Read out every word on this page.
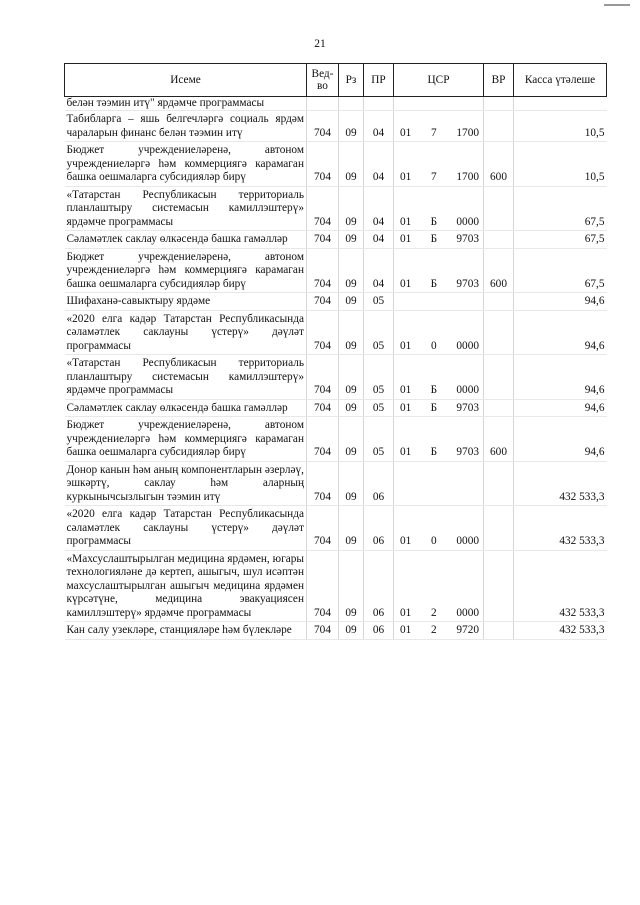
21
Исеме	Вед-во	Рз	ПР	ЦСР	ВР	Касса үтәлеше
белән тәэмин итү" ярдәмче программасы						
Табибларга – яшь белгечләргә социаль ярдәм чараларын финанс белән тәэмин итү	704	09	04	01 7 1700		10,5
Бюджет учреждениеләренә, автоном учреждениеләргә һәм коммерциягә карамаган башка оешмаларга субсидияләр бирү	704	09	04	01 7 1700	600	10,5
«Татарстан Республикасын территориаль планлаштыру системасын камиллэштерү» ярдәмче программасы	704	09	04	01 Б 0000		67,5
Сәламәтлек саклау өлкәсендә башка гамәлләр	704	09	04	01 Б 9703		67,5
Бюджет учреждениеләренә, автоном учреждениеләргә һәм коммерциягә карамаган башка оешмаларга субсидияләр бирү	704	09	04	01 Б 9703	600	67,5
Шифаханә-савыктыру ярдәме	704	09	05			94,6
«2020 елга кадәр Татарстан Республикасында сәламәтлек саклауны үстерү» дәүләт программасы	704	09	05	01 0 0000		94,6
«Татарстан Республикасын территориаль планлаштыру системасын камиллэштерү» ярдәмче программасы	704	09	05	01 Б 0000		94,6
Сәламәтлек саклау өлкәсендә башка гамәлләр	704	09	05	01 Б 9703		94,6
Бюджет учреждениеләренә, автоном учреждениеләргә һәм коммерциягә карамаган башка оешмаларга субсидияләр бирү	704	09	05	01 Б 9703	600	94,6
Донор канын һәм аның компонентларын әзерләү, эшкәртү, саклау һәм аларның куркынычсызлыгын тәэмин итү	704	09	06			432 533,3
«2020 елга кадәр Татарстан Республикасында сәламәтлек саклауны үстерү» дәүләт программасы	704	09	06	01 0 0000		432 533,3
«Махсуслаштырылган медицина ярдәмен, югары технологияләне дә кертеп, ашыгыч, шул исәптән махсуслаштырылган ашыгыч медицина ярдәмен күрсәтүне, медицина эвакуациясен камиллэштерү» ярдәмче программасы	704	09	06	01 2 0000		432 533,3
Кан салу узекләре, станцияләре һәм бүлекләре	704	09	06	01 2 9720		432 533,3
